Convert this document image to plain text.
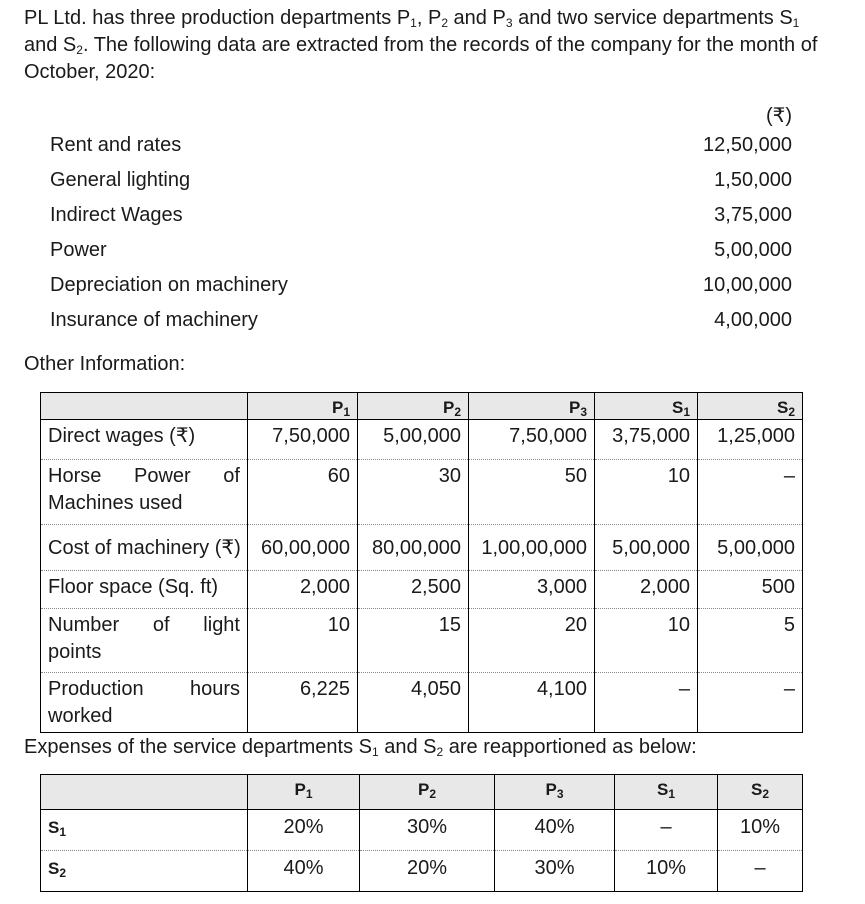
PL Ltd. has three production departments $P_1$, $P_2$ and $P_3$ and two service departments $S_1$ and $S_2$. The following data are extracted from the records of the company for the month of October, 2020:
	(₹)
Rent and rates	12,50,000
General lighting	1,50,000
Indirect Wages	3,75,000
Power	5,00,000
Depreciation on machinery	10,00,000
Insurance of machinery	4,00,000
Other Information:
	$P_1$	$P_2$	$P_3$	$S_1$	$S_2$
Direct wages (₹)	7,50,000	5,00,000	7,50,000	3,75,000	1,25,000
Horse Power of Machines used	60	30	50	10	–
Cost of machinery (₹)	60,00,000	80,00,000	1,00,00,000	5,00,000	5,00,000
Floor space (Sq. ft)	2,000	2,500	3,000	2,000	500
Number of light points	10	15	20	10	5
Production hours worked	6,225	4,050	4,100	–	–
Expenses of the service departments $S_1$ and $S_2$ are reapportioned as below:
	$P_1$	$P_2$	$P_3$	$S_1$	$S_2$
$S_1$	20%	30%	40%	–	10%
$S_2$	40%	20%	30%	10%	–
